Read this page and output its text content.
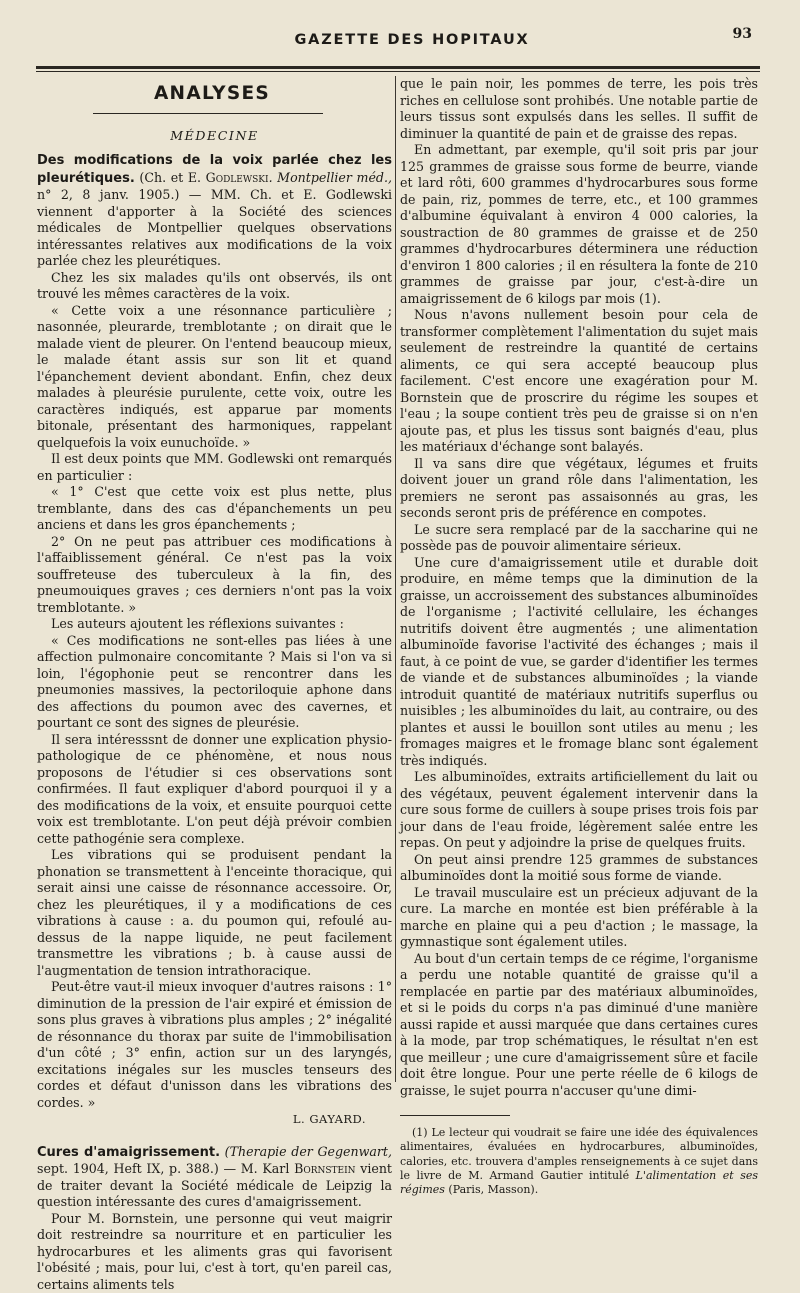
GAZETTE DES HOPITAUX	93
ANALYSES
MÉDECINE

Des modifications de la voix parlée chez les pleurétiques. (Ch. et E. Godlewski. Montpellier méd., n° 2, 8 janv. 1905.) — MM. Ch. et E. Godlewski viennent d'apporter à la Société des sciences médicales de Montpellier quelques observations intéressantes relatives aux modifications de la voix parlée chez les pleurétiques.

Chez les six malades qu'ils ont observés, ils ont trouvé les mêmes caractères de la voix.

« Cette voix a une résonnance particulière ; nasonnée, pleurarde, tremblotante ; on dirait que le malade vient de pleurer. On l'entend beaucoup mieux, le malade étant assis sur son lit et quand l'épanchement devient abondant. Enfin, chez deux malades à pleurésie purulente, cette voix, outre les caractères indiqués, est apparue par moments bitonale, présentant des harmoniques, rappelant quelquefois la voix eunuchoïde. »

Il est deux points que MM. Godlewski ont remarqués en particulier :

« 1° C'est que cette voix est plus nette, plus tremblante, dans des cas d'épanchements un peu anciens et dans les gros épanchements ;

2° On ne peut pas attribuer ces modifications à l'affaiblissement général. Ce n'est pas la voix souffreteuse des tuberculeux à la fin, des pneumouiques graves ; ces derniers n'ont pas la voix tremblotante. »

Les auteurs ajoutent les réflexions suivantes :

« Ces modifications ne sont-elles pas liées à une affection pulmonaire concomitante ? Mais si l'on va si loin, l'égophonie peut se rencontrer dans les pneumonies massives, la pectoriloquie aphone dans des affections du poumon avec des cavernes, et pourtant ce sont des signes de pleurésie.

Il sera intéresssnt de donner une explication physio-pathologique de ce phénomène, et nous nous proposons de l'étudier si ces observations sont confirmées. Il faut expliquer d'abord pourquoi il y a des modifications de la voix, et ensuite pourquoi cette voix est tremblotante. L'on peut déjà prévoir combien cette pathogénie sera complexe.

Les vibrations qui se produisent pendant la phonation se transmettent à l'enceinte thoracique, qui serait ainsi une caisse de résonnance accessoire. Or, chez les pleurétiques, il y a modifications de ces vibrations à cause : a. du poumon qui, refoulé au-dessus de la nappe liquide, ne peut facilement transmettre les vibrations ; b. à cause aussi de l'augmentation de tension intrathoracique.

Peut-être vaut-il mieux invoquer d'autres raisons : 1° diminution de la pression de l'air expiré et émission de sons plus graves à vibrations plus amples ; 2° inégalité de résonnance du thorax par suite de l'immobilisation d'un côté ; 3° enfin, action sur un des laryngés, excitations inégales sur les muscles tenseurs des cordes et défaut d'unisson dans les vibrations des cordes. »

L. GAYARD.

Cures d'amaigrissement. (Therapie der Gegenwart, sept. 1904, Heft IX, p. 388.) — M. Karl Bornstein vient de traiter devant la Société médicale de Leipzig la question intéressante des cures d'amaigrissement.

Pour M. Bornstein, une personne qui veut maigrir doit restreindre sa nourriture et en particulier les hydrocarbures et les aliments gras qui favorisent l'obésité ; mais, pour lui, c'est à tort, qu'en pareil cas, certains aliments tels

que le pain noir, les pommes de terre, les pois très riches en cellulose sont prohibés. Une notable partie de leurs tissus sont expulsés dans les selles. Il suffit de diminuer la quantité de pain et de graisse des repas.

En admettant, par exemple, qu'il soit pris par jour 125 grammes de graisse sous forme de beurre, viande et lard rôti, 600 grammes d'hydrocarbures sous forme de pain, riz, pommes de terre, etc., et 100 grammes d'albumine équivalant à environ 4 000 calories, la soustraction de 80 grammes de graisse et de 250 grammes d'hydrocarbures déterminera une réduction d'environ 1 800 calories ; il en résultera la fonte de 210 grammes de graisse par jour, c'est-à-dire un amaigrissement de 6 kilogs par mois (1).

Nous n'avons nullement besoin pour cela de transformer complètement l'alimentation du sujet mais seulement de restreindre la quantité de certains aliments, ce qui sera accepté beaucoup plus facilement. C'est encore une exagération pour M. Bornstein que de proscrire du régime les soupes et l'eau ; la soupe contient très peu de graisse si on n'en ajoute pas, et plus les tissus sont baignés d'eau, plus les matériaux d'échange sont balayés.

Il va sans dire que végétaux, légumes et fruits doivent jouer un grand rôle dans l'alimentation, les premiers ne seront pas assaisonnés au gras, les seconds seront pris de préférence en compotes.

Le sucre sera remplacé par de la saccharine qui ne possède pas de pouvoir alimentaire sérieux.

Une cure d'amaigrissement utile et durable doit produire, en même temps que la diminution de la graisse, un accroissement des substances albuminoïdes de l'organisme ; l'activité cellulaire, les échanges nutritifs doivent être augmentés ; une alimentation albuminoïde favorise l'activité des échanges ; mais il faut, à ce point de vue, se garder d'identifier les termes de viande et de substances albuminoïdes ; la viande introduit quantité de matériaux nutritifs superflus ou nuisibles ; les albuminoïdes du lait, au contraire, ou des plantes et aussi le bouillon sont utiles au menu ; les fromages maigres et le fromage blanc sont également très indiqués.

Les albuminoïdes, extraits artificiellement du lait ou des végétaux, peuvent également intervenir dans la cure sous forme de cuillers à soupe prises trois fois par jour dans de l'eau froide, légèrement salée entre les repas. On peut y adjoindre la prise de quelques fruits.

On peut ainsi prendre 125 grammes de substances albuminoïdes dont la moitié sous forme de viande.

Le travail musculaire est un précieux adjuvant de la cure. La marche en montée est bien préférable à la marche en plaine qui a peu d'action ; le massage, la gymnastique sont également utiles.

Au bout d'un certain temps de ce régime, l'organisme a perdu une notable quantité de graisse qu'il a remplacée en partie par des matériaux albuminoïdes, et si le poids du corps n'a pas diminué d'une manière aussi rapide et aussi marquée que dans certaines cures à la mode, par trop schématiques, le résultat n'en est que meilleur ; une cure d'amaigrissement sûre et facile doit être longue. Pour une perte réelle de 6 kilogs de graisse, le sujet pourra n'accuser qu'une dimi-

(1) Le lecteur qui voudrait se faire une idée des équivalences alimentaires, évaluées en hydrocarbures, albuminoïdes, calories, etc. trouvera d'amples renseignements à ce sujet dans le livre de M. Armand Gautier intitulé L'alimentation et ses régimes (Paris, Masson).
